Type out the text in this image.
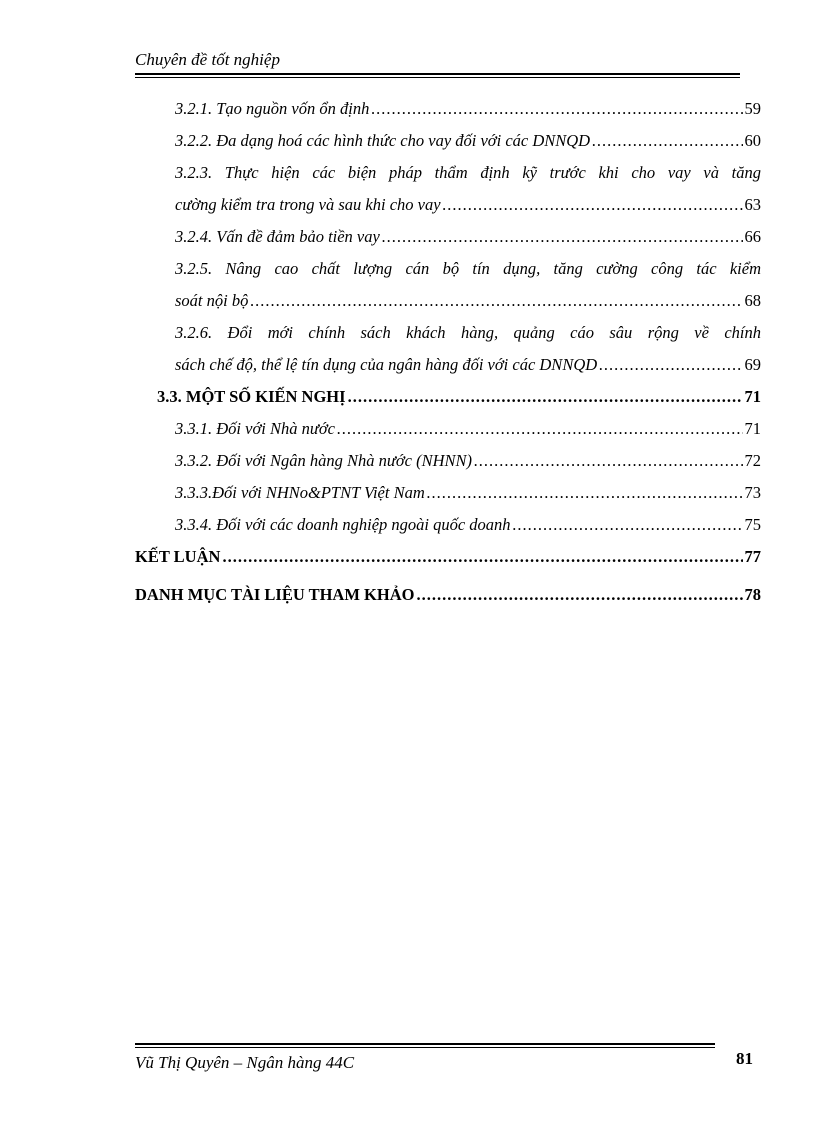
Chuyên đề tốt nghiệp
3.2.1. Tạo nguồn vốn ổn định .....	59
3.2.2. Đa dạng hoá các hình thức cho vay đối với các DNNQD .....	60
3.2.3. Thực hiện các biện pháp thẩm định kỹ trước khi cho vay và tăng
cường kiểm tra trong và sau khi cho vay .....	63
3.2.4. Vấn đề đảm bảo tiền vay .....	66
3.2.5. Nâng cao chất lượng cán bộ tín dụng, tăng cường công tác kiểm
soát nội bộ .....	68
3.2.6. Đổi mới chính sách khách hàng, quảng cáo sâu rộng về chính
sách chế độ, thể lệ tín dụng của ngân hàng đối với các DNNQD .....	69
3.3. MỘT SỐ KIẾN NGHỊ .....	71
3.3.1. Đối với Nhà nước .....	71
3.3.2. Đối với Ngân hàng Nhà nước (NHNN) .....	72
3.3.3.Đối với NHNo&PTNT Việt Nam .....	73
3.3.4. Đối với các doanh nghiệp ngoài quốc doanh .....	75
KẾT LUẬN .....	77
DANH MỤC TÀI LIỆU THAM KHẢO .....	78
Vũ Thị Quyên – Ngân hàng 44C	81
